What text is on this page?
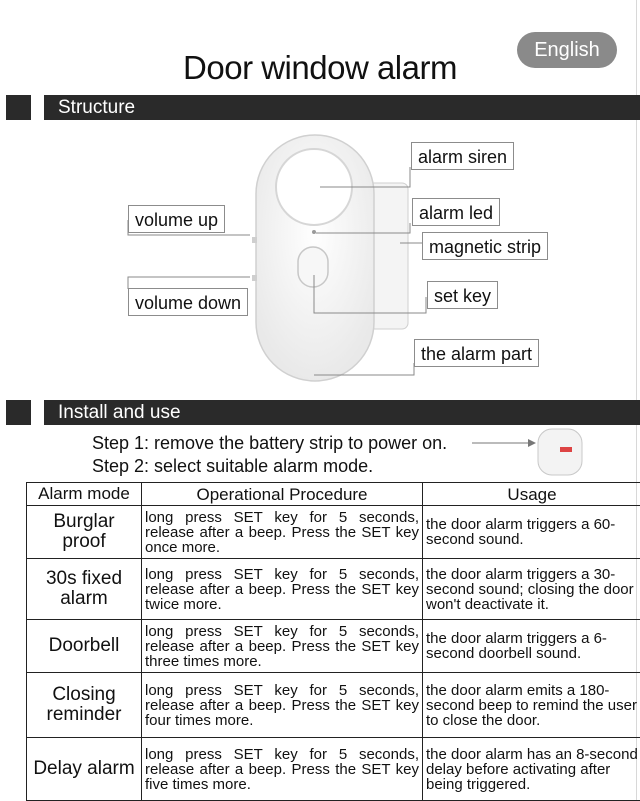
English
Door window alarm
Structure
alarm siren
alarm led
magnetic strip
set key
the alarm part
volume up
volume down
Install and use
Step 1: remove the battery strip to power on.
Step 2: select suitable alarm mode.
Alarm mode	Operational Procedure	Usage
Burglar proof	long press SET key for 5 seconds, release after a beep. Press the SET key once more.	the door alarm triggers a 60-second sound.
30s fixed alarm	long press SET key for 5 seconds, release after a beep. Press the SET key twice more.	the door alarm triggers a 30-second sound; closing the door won't deactivate it.
Doorbell	long press SET key for 5 seconds, release after a beep. Press the SET key three times more.	the door alarm triggers a 6-second doorbell sound.
Closing reminder	long press SET key for 5 seconds, release after a beep. Press the SET key four times more.	the door alarm emits a 180-second beep to remind the user to close the door.
Delay alarm	long press SET key for 5 seconds, release after a beep. Press the SET key five times more.	the door alarm has an 8-second delay before activating after being triggered.
